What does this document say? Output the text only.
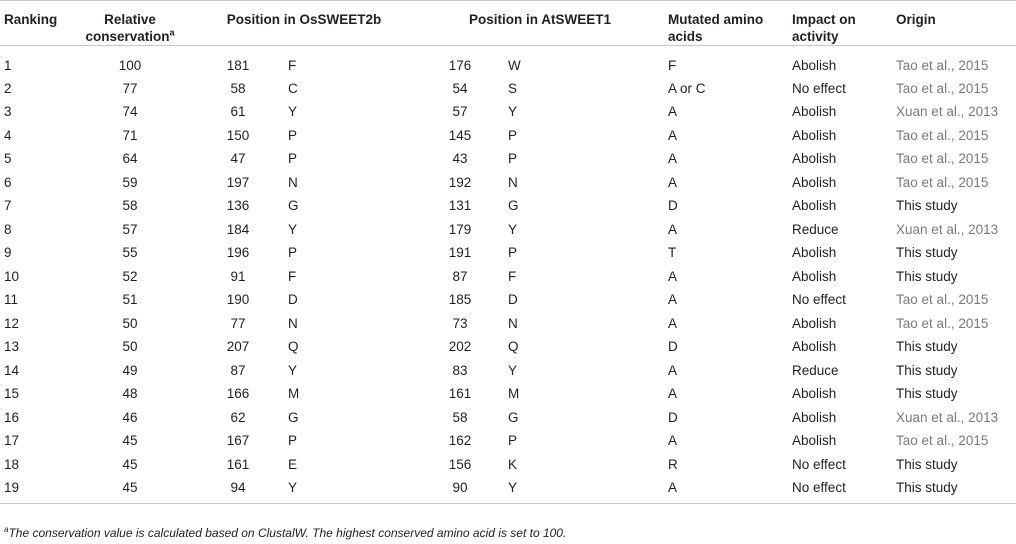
Ranking	Relative conservation$^a$	Position in OsSWEET2b		Position in AtSWEET1		Mutated amino acids	Impact on activity	Origin
1	100	181	F	176	W	F	Abolish	Tao et al., 2015
2	77	58	C	54	S	A or C	No effect	Tao et al., 2015
3	74	61	Y	57	Y	A	Abolish	Xuan et al., 2013
4	71	150	P	145	P	A	Abolish	Tao et al., 2015
5	64	47	P	43	P	A	Abolish	Tao et al., 2015
6	59	197	N	192	N	A	Abolish	Tao et al., 2015
7	58	136	G	131	G	D	Abolish	This study
8	57	184	Y	179	Y	A	Reduce	Xuan et al., 2013
9	55	196	P	191	P	T	Abolish	This study
10	52	91	F	87	F	A	Abolish	This study
11	51	190	D	185	D	A	No effect	Tao et al., 2015
12	50	77	N	73	N	A	Abolish	Tao et al., 2015
13	50	207	Q	202	Q	D	Abolish	This study
14	49	87	Y	83	Y	A	Reduce	This study
15	48	166	M	161	M	A	Abolish	This study
16	46	62	G	58	G	D	Abolish	Xuan et al., 2013
17	45	167	P	162	P	A	Abolish	Tao et al., 2015
18	45	161	E	156	K	R	No effect	This study
19	45	94	Y	90	Y	A	No effect	This study
$^a$The conservation value is calculated based on ClustalW. The highest conserved amino acid is set to 100.
